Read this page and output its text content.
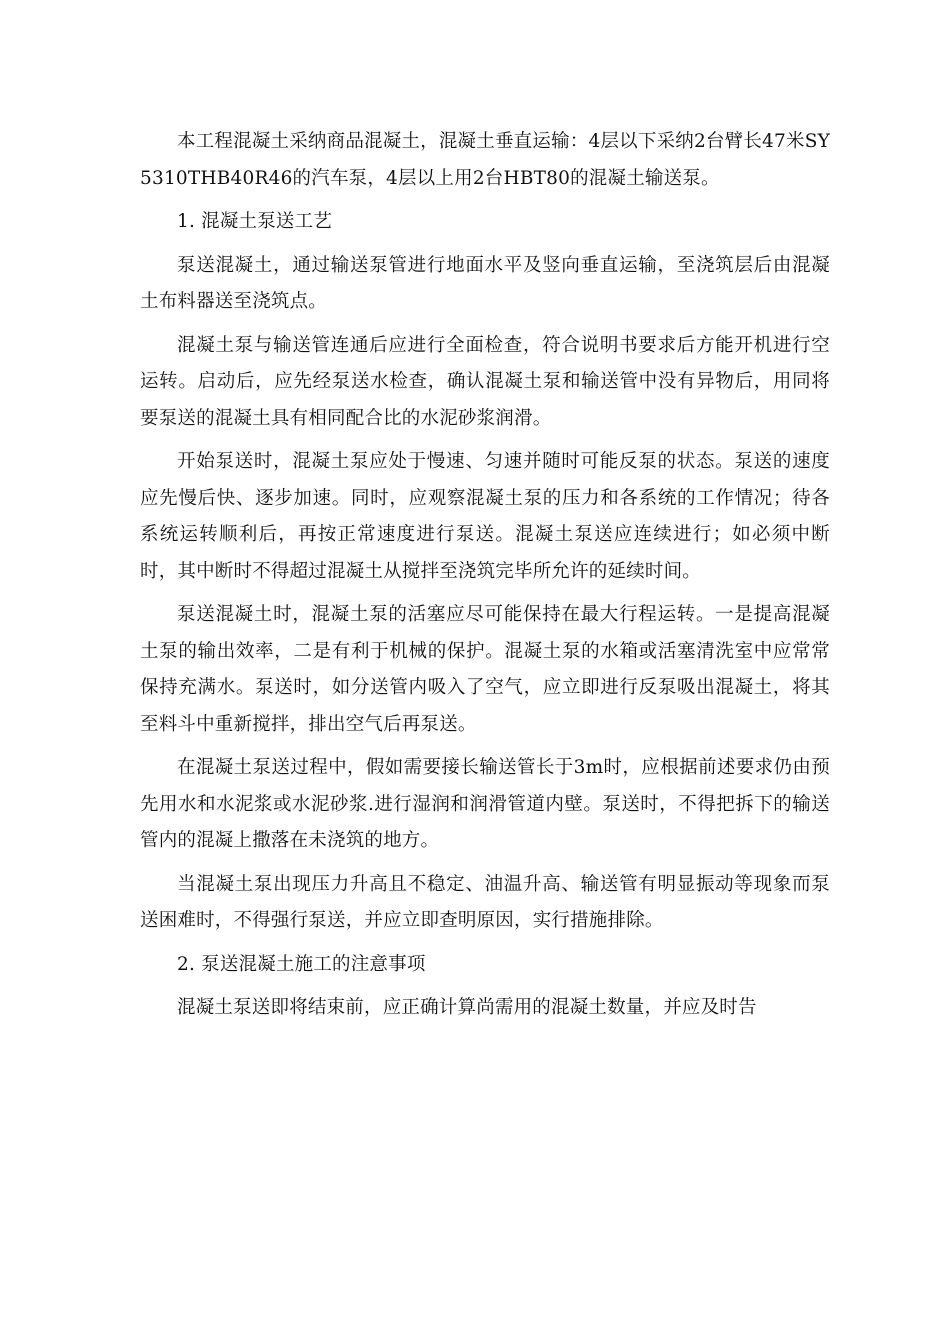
本工程混凝土采纳商品混凝土，混凝土垂直运输：4层以下采纳2台臂长47米SY5310THB40R46的汽车泵，4层以上用2台HBT80的混凝土输送泵。

1. 混凝土泵送工艺

泵送混凝土，通过输送泵管进行地面水平及竖向垂直运输，至浇筑层后由混凝土布料器送至浇筑点。

混凝土泵与输送管连通后应进行全面检查，符合说明书要求后方能开机进行空运转。启动后，应先经泵送水检查，确认混凝土泵和输送管中没有异物后，用同将要泵送的混凝土具有相同配合比的水泥砂浆润滑。

开始泵送时，混凝土泵应处于慢速、匀速并随时可能反泵的状态。泵送的速度应先慢后快、逐步加速。同时，应观察混凝土泵的压力和各系统的工作情况；待各系统运转顺利后，再按正常速度进行泵送。混凝土泵送应连续进行；如必须中断时，其中断时不得超过混凝土从搅拌至浇筑完毕所允许的延续时间。

泵送混凝土时，混凝土泵的活塞应尽可能保持在最大行程运转。一是提高混凝土泵的输出效率，二是有利于机械的保护。混凝土泵的水箱或活塞清洗室中应常常保持充满水。泵送时，如分送管内吸入了空气，应立即进行反泵吸出混凝土，将其至料斗中重新搅拌，排出空气后再泵送。

在混凝土泵送过程中，假如需要接长输送管长于3m时，应根据前述要求仍由预先用水和水泥浆或水泥砂浆.进行湿润和润滑管道内壁。泵送时，不得把拆下的输送管内的混凝上撒落在未浇筑的地方。

当混凝土泵出现压力升高且不稳定、油温升高、输送管有明显振动等现象而泵送困难时，不得强行泵送，并应立即查明原因，实行措施排除。

2. 泵送混凝土施工的注意事项

混凝土泵送即将结束前，应正确计算尚需用的混凝土数量，并应及时告
